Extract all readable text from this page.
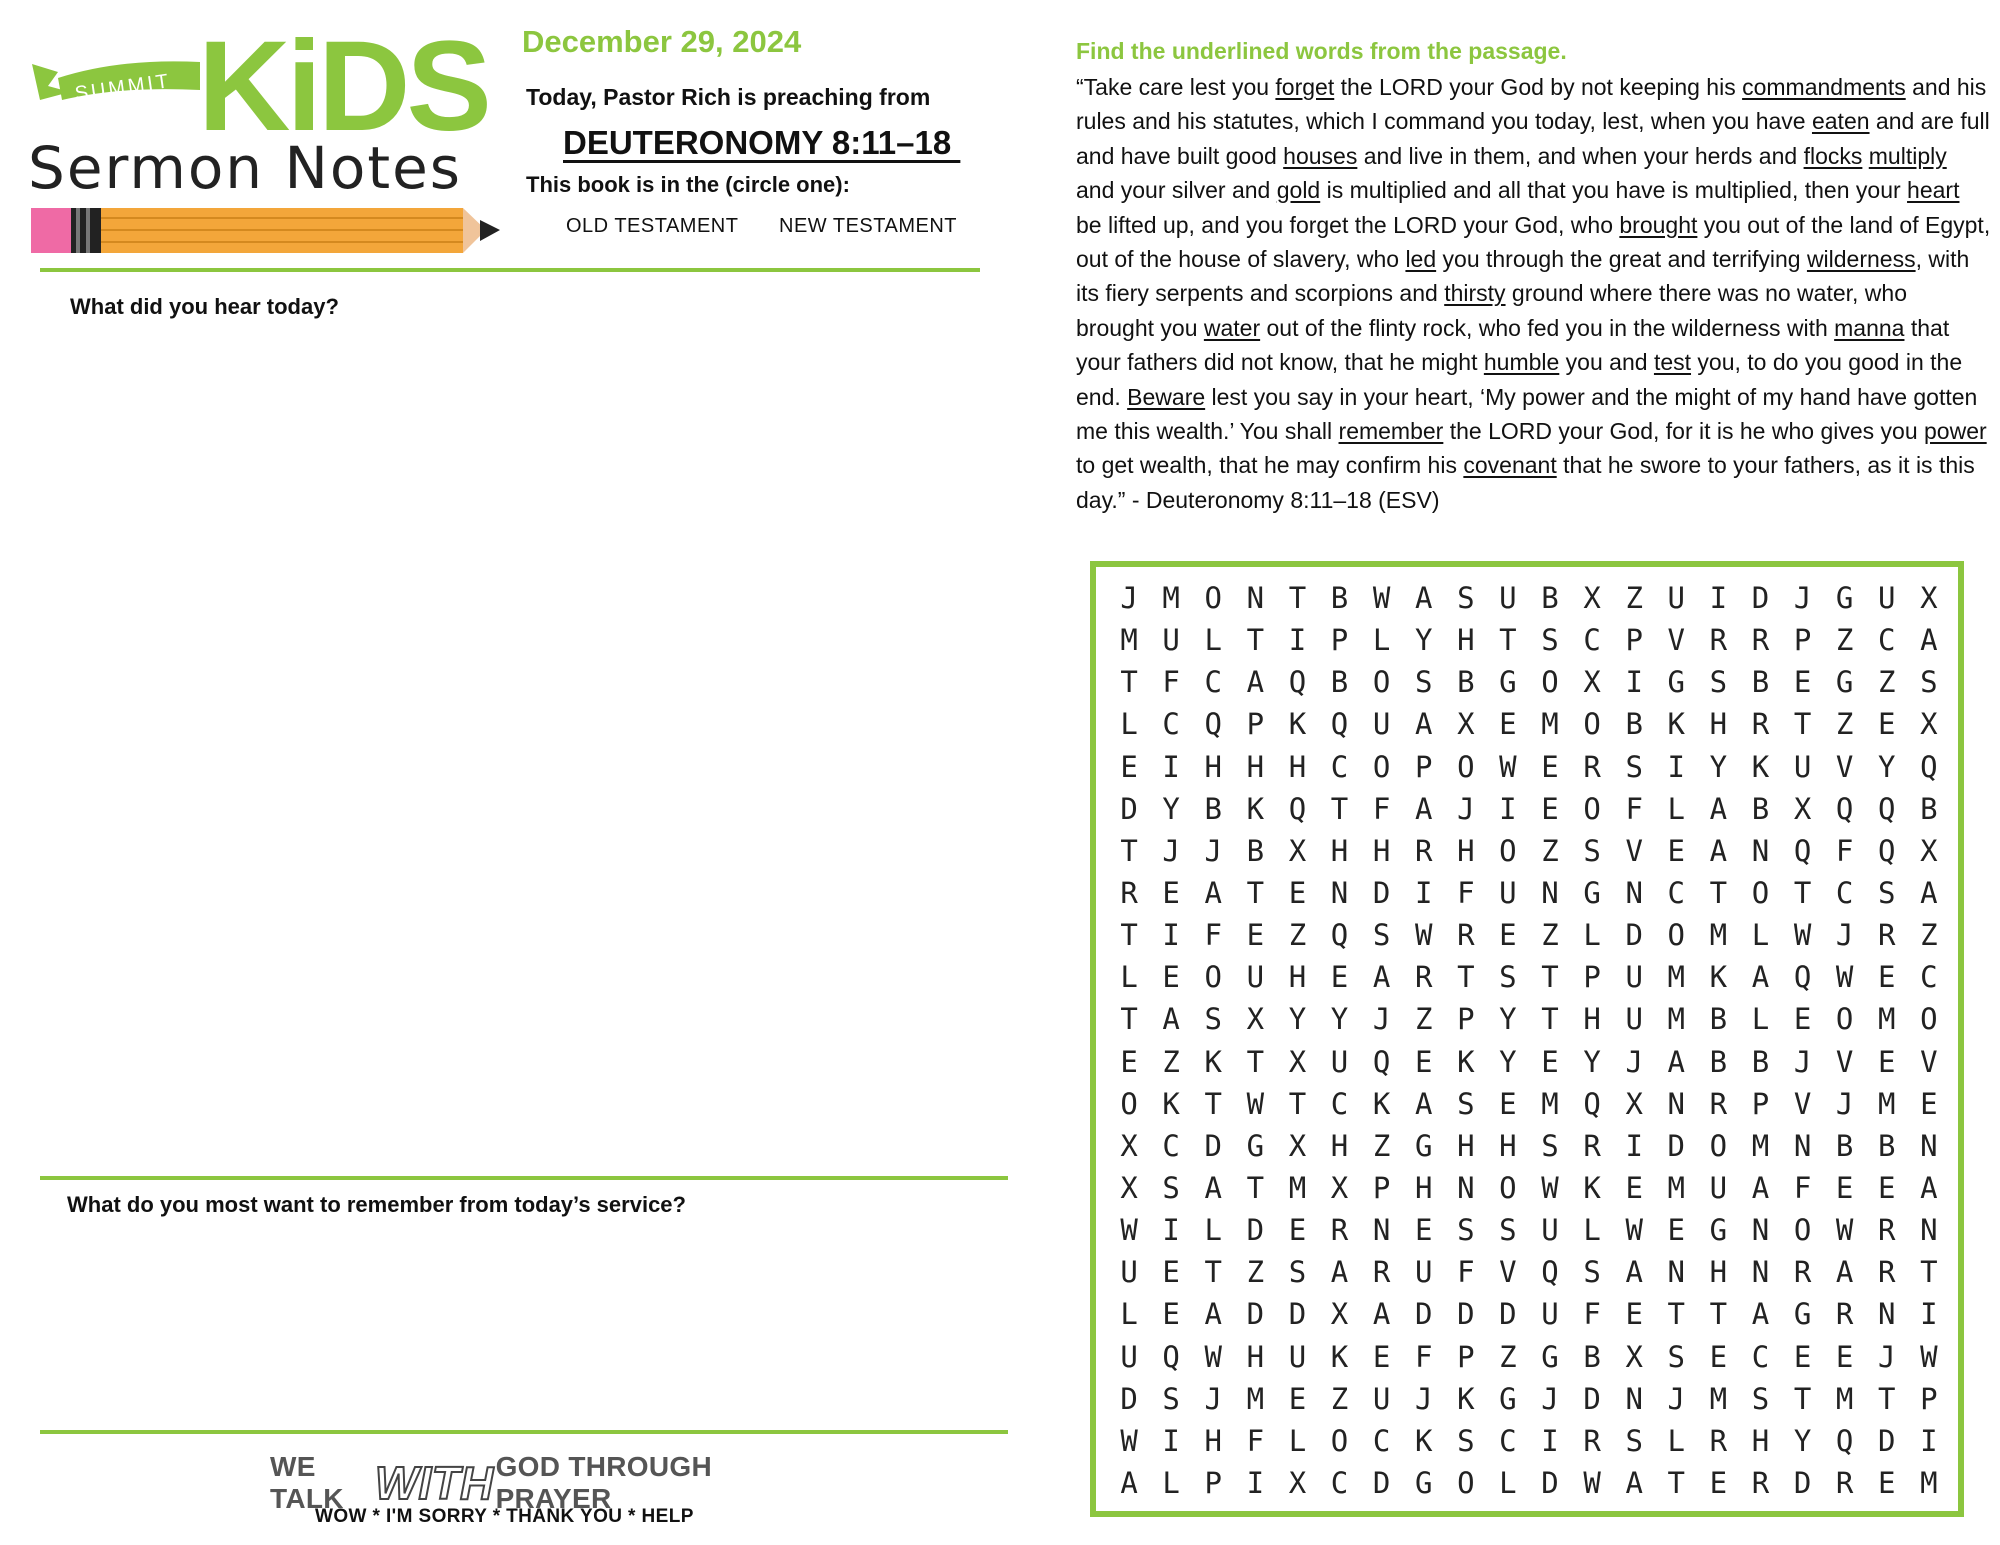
SUMMIT KiDS
Sermon Notes
December 29, 2024
Today, Pastor Rich is preaching from
DEUTERONOMY 8:11–18
This book is in the (circle one):
OLD TESTAMENT NEW TESTAMENT
What did you hear today?
What do you most want to remember from today’s service?
WE TALK WITH GOD THROUGH PRAYER
WOW * I'M SORRY * THANK YOU * HELP
Find the underlined words from the passage.
“Take care lest you forget the LORD your God by not keeping his commandments and his rules and his statutes, which I command you today, lest, when you have eaten and are full and have built good houses and live in them, and when your herds and flocks multiply and your silver and gold is multiplied and all that you have is multiplied, then your heart be lifted up, and you forget the LORD your God, who brought you out of the land of Egypt, out of the house of slavery, who led you through the great and terrifying wilderness, with its fiery serpents and scorpions and thirsty ground where there was no water, who brought you water out of the flinty rock, who fed you in the wilderness with manna that your fathers did not know, that he might humble you and test you, to do you good in the end. Beware lest you say in your heart, ‘My power and the might of my hand have gotten me this wealth.’ You shall remember the LORD your God, for it is he who gives you power to get wealth, that he may confirm his covenant that he swore to your fathers, as it is this day.” - Deuteronomy 8:11–18 (ESV)
J M O N T B W A S U B X Z U I D J G U X
M U L T I P L Y H T S C P V R R P Z C A
T F C A Q B O S B G O X I G S B E G Z S
L C Q P K Q U A X E M O B K H R T Z E X
E I H H H C O P O W E R S I Y K U V Y Q
D Y B K Q T F A J I E O F L A B X Q Q B
T J J B X H H R H O Z S V E A N Q F Q X
R E A T E N D I F U N G N C T O T C S A
T I F E Z Q S W R E Z L D O M L W J R Z
L E O U H E A R T S T P U M K A Q W E C
T A S X Y Y J Z P Y T H U M B L E O M O
E Z K T X U Q E K Y E Y J A B B J V E V
O K T W T C K A S E M Q X N R P V J M E
X C D G X H Z G H H S R I D O M N B B N
X S A T M X P H N O W K E M U A F E E A
W I L D E R N E S S U L W E G N O W R N
U E T Z S A R U F V Q S A N H N R A R T
L E A D D X A D D D U F E T T A G R N I
U Q W H U K E F P Z G B X S E C E E J W
D S J M E Z U J K G J D N J M S T M T P
W I H F L O C K S C I R S L R H Y Q D I
A L P I X C D G O L D W A T E R D R E M
